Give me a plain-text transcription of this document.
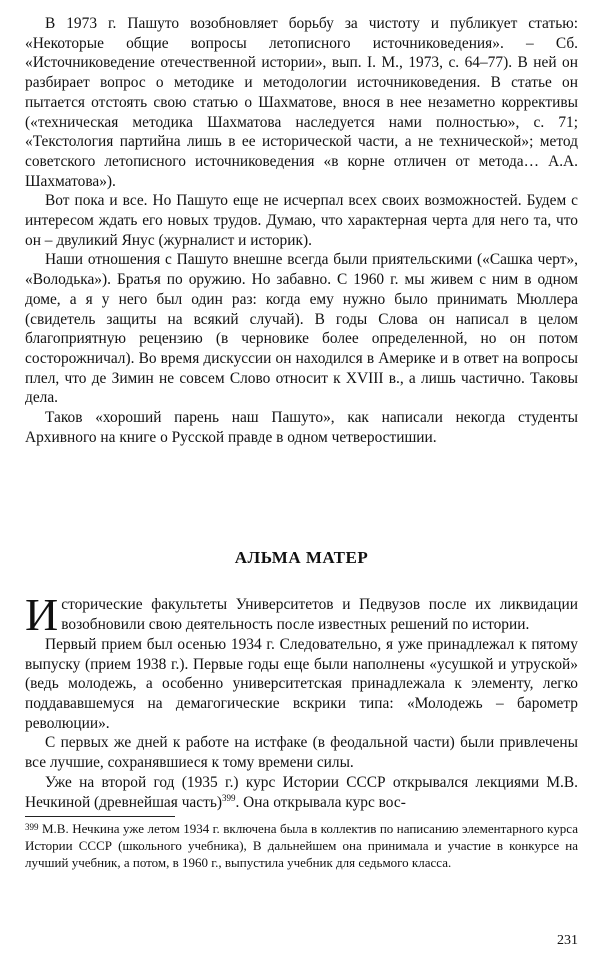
В 1973 г. Пашуто возобновляет борьбу за чистоту и публикует статью: «Некоторые общие вопросы летописного источниковедения». – Сб. «Источниковедение отечественной истории», вып. I. М., 1973, с. 64–77). В ней он разбирает вопрос о методике и методологии источниковедения. В статье он пытается отстоять свою статью о Шахматове, внося в нее незаметно коррективы («техническая методика Шахматова наследуется нами полностью», с. 71; «Текстология партийна лишь в ее исторической части, а не технической»; метод советского летописного источниковедения «в корне отличен от метода… А.А. Шахматова»).

Вот пока и все. Но Пашуто еще не исчерпал всех своих возможностей. Будем с интересом ждать его новых трудов. Думаю, что характерная черта для него та, что он – двуликий Янус (журналист и историк).

Наши отношения с Пашуто внешне всегда были приятельскими («Сашка черт», «Володька»). Братья по оружию. Но забавно. С 1960 г. мы живем с ним в одном доме, а я у него был один раз: когда ему нужно было принимать Мюллера (свидетель защиты на всякий случай). В годы Слова он написал в целом благоприятную рецензию (в черновике более определенной, но он потом состорожничал). Во время дискуссии он находился в Америке и в ответ на вопросы плел, что де Зимин не совсем Слово относит к XVIII в., а лишь частично. Таковы дела.

Таков «хороший парень наш Пашуто», как написали некогда студенты Архивного на книге о Русской правде в одном четверостишии.

АЛЬМА МАТЕР

Исторические факультеты Университетов и Педвузов после их ликвидации возобновили свою деятельность после известных решений по истории.

Первый прием был осенью 1934 г. Следовательно, я уже принадлежал к пятому выпуску (прием 1938 г.). Первые годы еще были наполнены «усушкой и утруской» (ведь молодежь, а особенно университетская принадлежала к элементу, легко поддававшемуся на демагогические вскрики типа: «Молодежь – барометр революции».

С первых же дней к работе на истфаке (в феодальной части) были привлечены все лучшие, сохранявшиеся к тому времени силы.

Уже на второй год (1935 г.) курс Истории СССР открывался лекциями М.В. Нечкиной (древнейшая часть)$^{399}$. Она открывала курс вос-

$^{399}$ М.В. Нечкина уже летом 1934 г. включена была в коллектив по написанию элементарного курса Истории СССР (школьного учебника), В дальнейшем она принимала и участие в конкурсе на лучший учебник, а потом, в 1960 г., выпустила учебник для седьмого класса.

231
